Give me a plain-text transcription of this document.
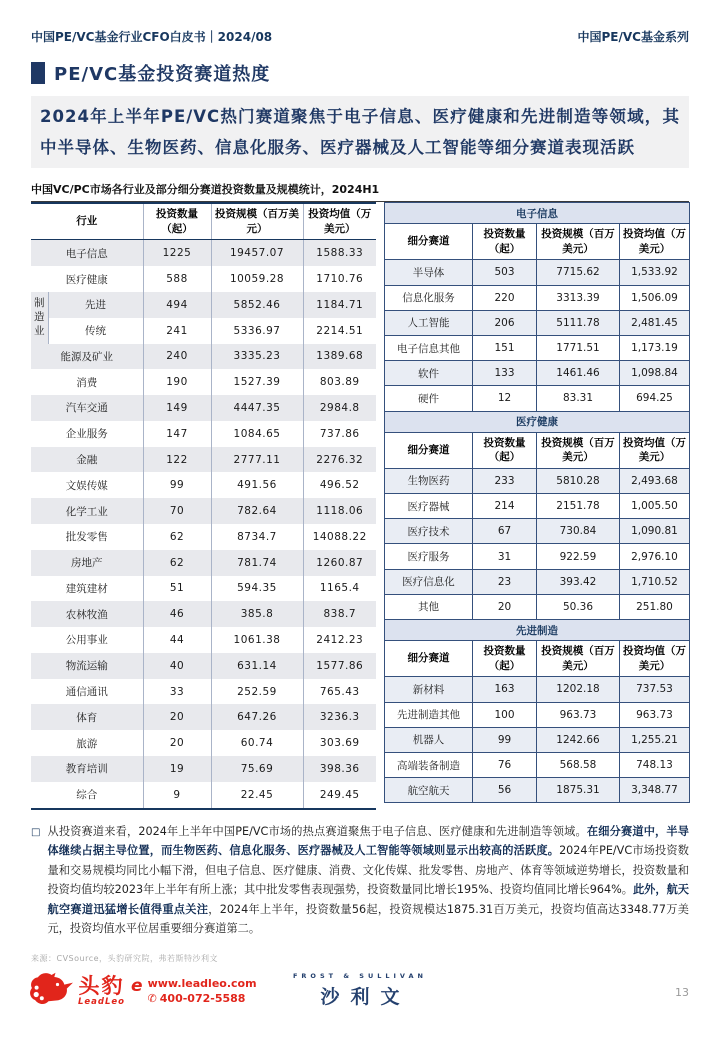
中国PE/VC基金行业CFO白皮书｜2024/08	中国PE/VC基金系列
PE/VC基金投资赛道热度
2024年上半年PE/VC热门赛道聚焦于电子信息、医疗健康和先进制造等领域，其中半导体、生物医药、信息化服务、医疗器械及人工智能等细分赛道表现活跃
中国VC/PC市场各行业及部分细分赛道投资数量及规模统计，2024H1
行业		投资数量（起）	投资规模（百万美元）	投资均值（万美元）
电子信息		1225	19457.07	1588.33
医疗健康		588	10059.28	1710.76
制造业	先进	494	5852.46	1184.71
	传统	241	5336.97	2214.51
能源及矿业		240	3335.23	1389.68
消费		190	1527.39	803.89
汽车交通		149	4447.35	2984.8
企业服务		147	1084.65	737.86
金融		122	2777.11	2276.32
文娱传媒		99	491.56	496.52
化学工业		70	782.64	1118.06
批发零售		62	8734.7	14088.22
房地产		62	781.74	1260.87
建筑建材		51	594.35	1165.4
农林牧渔		46	385.8	838.7
公用事业		44	1061.38	2412.23
物流运输		40	631.14	1577.86
通信通讯		33	252.59	765.43
体育		20	647.26	3236.3
旅游		20	60.74	303.69
教育培训		19	75.69	398.36
综合		9	22.45	249.45
电子信息			
细分赛道	投资数量（起）	投资规模（百万美元）	投资均值（万美元）
半导体	503	7715.62	1,533.92
信息化服务	220	3313.39	1,506.09
人工智能	206	5111.78	2,481.45
电子信息其他	151	1771.51	1,173.19
软件	133	1461.46	1,098.84
硬件	12	83.31	694.25
医疗健康			
细分赛道	投资数量（起）	投资规模（百万美元）	投资均值（万美元）
生物医药	233	5810.28	2,493.68
医疗器械	214	2151.78	1,005.50
医疗技术	67	730.84	1,090.81
医疗服务	31	922.59	2,976.10
医疗信息化	23	393.42	1,710.52
其他	20	50.36	251.80
先进制造			
细分赛道	投资数量（起）	投资规模（百万美元）	投资均值（万美元）
新材料	163	1202.18	737.53
先进制造其他	100	963.73	963.73
机器人	99	1242.66	1,255.21
高端装备制造	76	568.58	748.13
航空航天	56	1875.31	3,348.77
□ 从投资赛道来看，2024年上半年中国PE/VC市场的热点赛道聚焦于电子信息、医疗健康和先进制造等领域。在细分赛道中，半导体继续占据主导位置，而生物医药、信息化服务、医疗器械及人工智能等领域则显示出较高的活跃度。2024年PE/VC市场投资数量和交易规模均同比小幅下滑，但电子信息、医疗健康、消费、文化传媒、批发零售、房地产、体育等领域逆势增长，投资数量和投资均值均较2023年上半年有所上涨；其中批发零售表现强势，投资数量同比增长195%、投资均值同比增长964%。此外，航天航空赛道迅猛增长值得重点关注，2024年上半年，投资数量56起，投资规模达1875.31百万美元，投资均值高达3348.77万美元，投资均值水平位居重要细分赛道第二。
来源：CVSource，头豹研究院，弗若斯特沙利文
头豹
LeadLeo
e www.leadleo.com
✆ 400-072-5588
FROST & SULLIVAN
沙利文	13
